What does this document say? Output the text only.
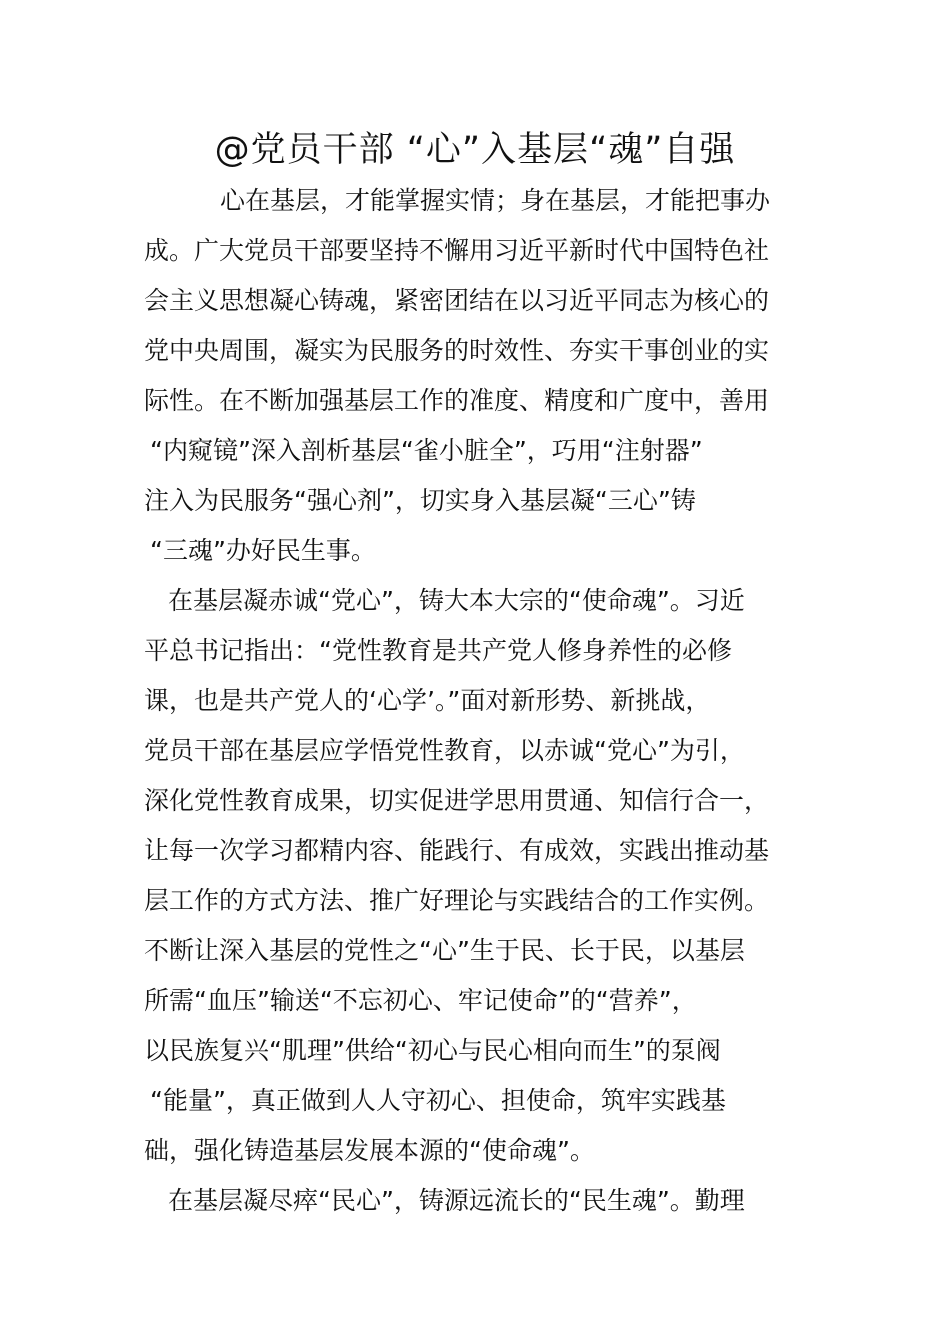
@党员干部 “心”入基层“魂”自强

心在基层，才能掌握实情；身在基层，才能把事办

成。广大党员干部要坚持不懈用习近平新时代中国特色社

会主义思想凝心铸魂，紧密团结在以习近平同志为核心的

党中央周围，凝实为民服务的时效性、夯实干事创业的实

际性。在不断加强基层工作的准度、精度和广度中，善用

“内窥镜”深入剖析基层“雀小脏全”，巧用“注射器”

注入为民服务“强心剂”，切实身入基层凝“三心”铸

“三魂”办好民生事。

在基层凝赤诚“党心”，铸大本大宗的“使命魂”。习近

平总书记指出：“党性教育是共产党人修身养性的必修

课，也是共产党人的‘心学’。”面对新形势、新挑战，

党员干部在基层应学悟党性教育，以赤诚“党心”为引，

深化党性教育成果，切实促进学思用贯通、知信行合一，

让每一次学习都精内容、能践行、有成效，实践出推动基

层工作的方式方法、推广好理论与实践结合的工作实例。

不断让深入基层的党性之“心”生于民、长于民，以基层

所需“血压”输送“不忘初心、牢记使命”的“营养”，

以民族复兴“肌理”供给“初心与民心相向而生”的泵阀

“能量”，真正做到人人守初心、担使命，筑牢实践基

础，强化铸造基层发展本源的“使命魂”。

在基层凝尽瘁“民心”，铸源远流长的“民生魂”。勤理
